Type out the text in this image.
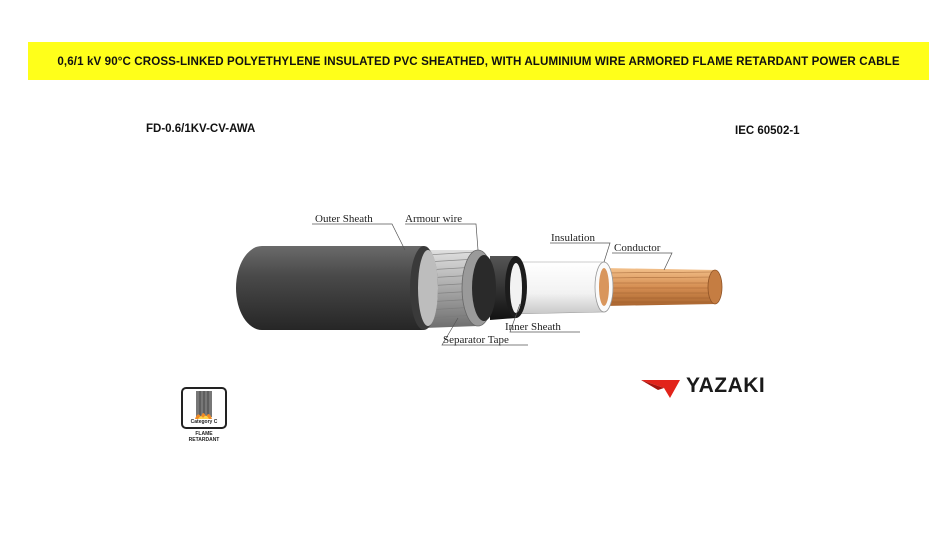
0,6/1 kV 90°C CROSS-LINKED POLYETHYLENE INSULATED PVC SHEATHED, WITH ALUMINIUM WIRE ARMORED FLAME RETARDANT POWER CABLE
FD-0.6/1KV-CV-AWA	IEC 60502-1
Outer Sheath	Armour wire
Insulation
Conductor
Inner Sheath
Separator Tape
Category C
FLAME
RETARDANT
YAZAKI
